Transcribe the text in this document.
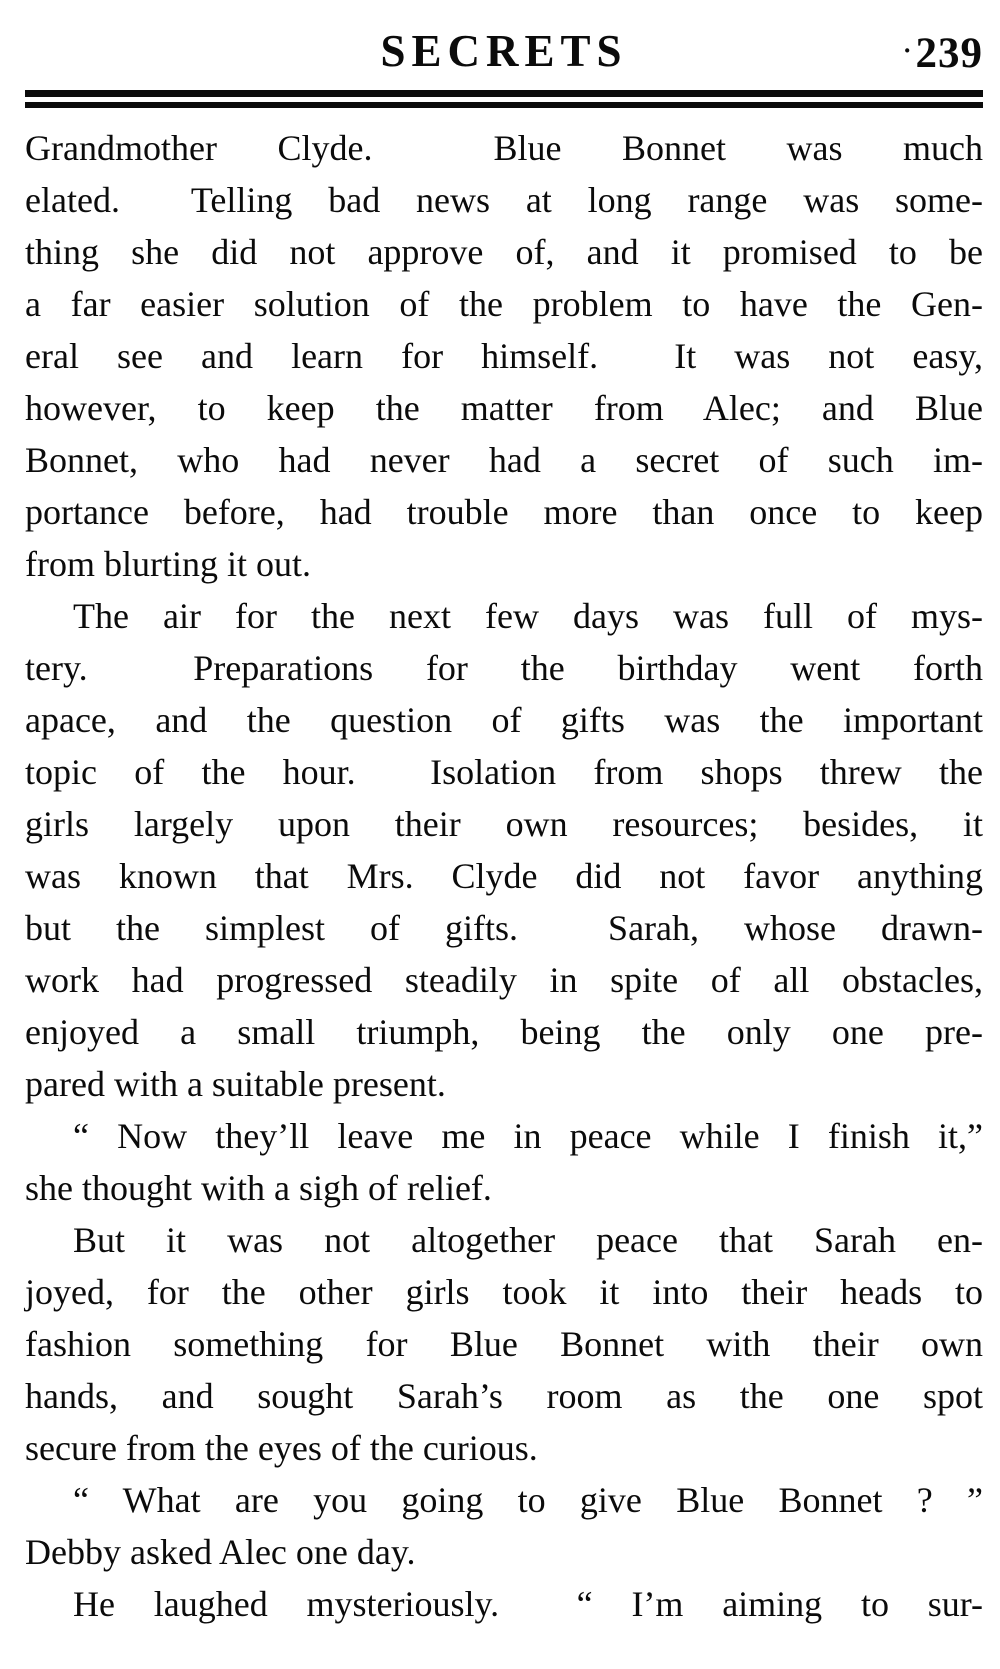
SECRETS	·239
Grandmother Clyde.  Blue Bonnet was much
elated.  Telling bad news at long range was some-
thing she did not approve of, and it promised to be
a far easier solution of the problem to have the Gen-
eral see and learn for himself.  It was not easy,
however, to keep the matter from Alec; and Blue
Bonnet, who had never had a secret of such im-
portance before, had trouble more than once to keep
from blurting it out.
The air for the next few days was full of mys-
tery.  Preparations for the birthday went forth
apace, and the question of gifts was the important
topic of the hour.  Isolation from shops threw the
girls largely upon their own resources; besides, it
was known that Mrs. Clyde did not favor anything
but the simplest of gifts.  Sarah, whose drawn-
work had progressed steadily in spite of all obstacles,
enjoyed a small triumph, being the only one pre-
pared with a suitable present.
“ Now they’ll leave me in peace while I finish it,”
she thought with a sigh of relief.
But it was not altogether peace that Sarah en-
joyed, for the other girls took it into their heads to
fashion something for Blue Bonnet with their own
hands, and sought Sarah’s room as the one spot
secure from the eyes of the curious.
“ What are you going to give Blue Bonnet ? ”
Debby asked Alec one day.
He laughed mysteriously.  “ I’m aiming to sur-
